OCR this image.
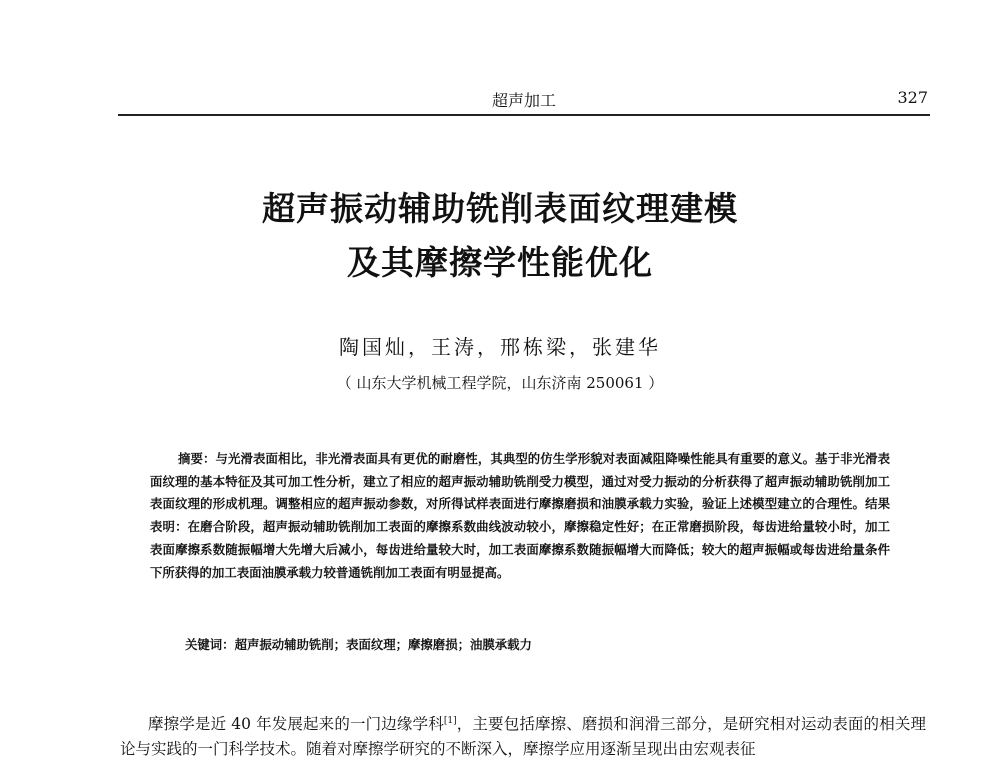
超声加工	327
超声振动辅助铣削表面纹理建模
及其摩擦学性能优化
陶国灿，王涛，邢栋梁，张建华
（ 山东大学机械工程学院，山东济南 250061 ）
摘要：与光滑表面相比，非光滑表面具有更优的耐磨性，其典型的仿生学形貌对表面减阻降噪性能具有重要的意义。基于非光滑表面纹理的基本特征及其可加工性分析，建立了相应的超声振动辅助铣削受力模型，通过对受力振动的分析获得了超声振动辅助铣削加工表面纹理的形成机理。调整相应的超声振动参数，对所得试样表面进行摩擦磨损和油膜承载力实验，验证上述模型建立的合理性。结果表明：在磨合阶段，超声振动辅助铣削加工表面的摩擦系数曲线波动较小，摩擦稳定性好；在正常磨损阶段，每齿进给量较小时，加工表面摩擦系数随振幅增大先增大后减小，每齿进给量较大时，加工表面摩擦系数随振幅增大而降低；较大的超声振幅或每齿进给量条件下所获得的加工表面油膜承载力较普通铣削加工表面有明显提高。
关键词：超声振动辅助铣削；表面纹理；摩擦磨损；油膜承载力
摩擦学是近 40 年发展起来的一门边缘学科[1]，主要包括摩擦、磨损和润滑三部分，是研究相对运动表面的相关理论与实践的一门科学技术。随着对摩擦学研究的不断深入，摩擦学应用逐渐呈现出由宏观表征
